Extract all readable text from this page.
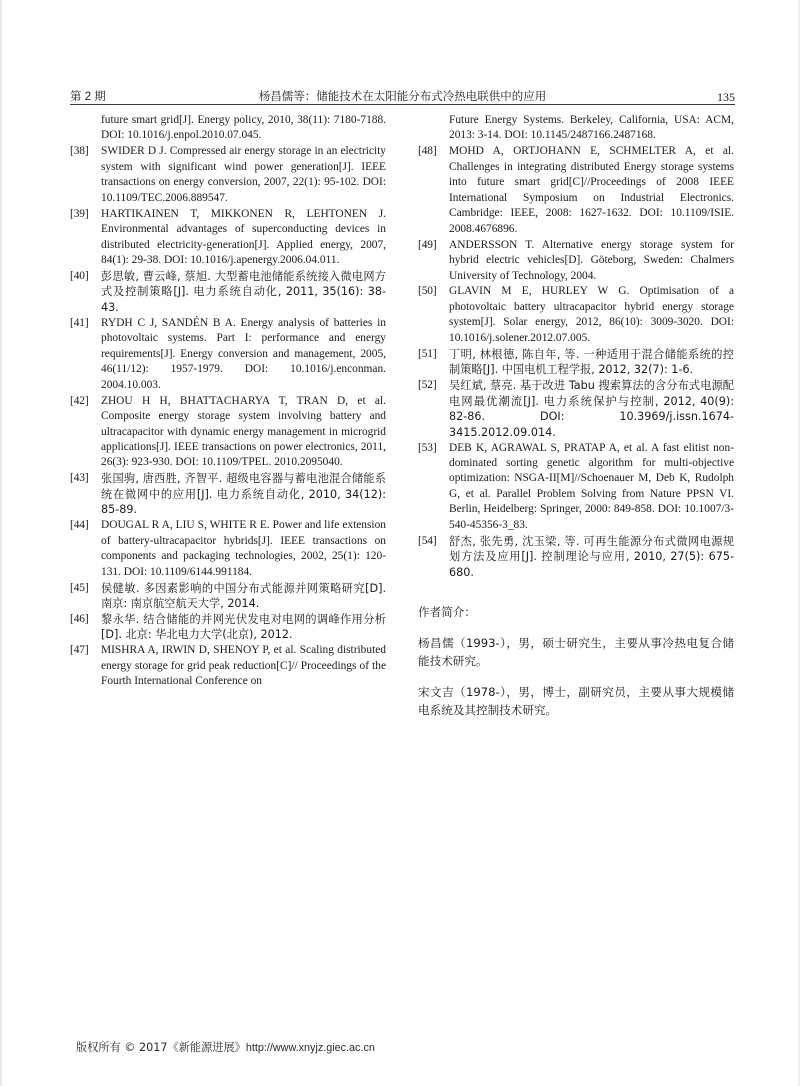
第 2 期	杨昌儒等：储能技术在太阳能分布式冷热电联供中的应用	135
future smart grid[J]. Energy policy, 2010, 38(11): 7180-7188. DOI: 10.1016/j.enpol.2010.07.045.
[38]	SWIDER D J. Compressed air energy storage in an electricity system with significant wind power generation[J]. IEEE transactions on energy conversion, 2007, 22(1): 95-102. DOI: 10.1109/TEC.2006.889547.
[39]	HARTIKAINEN T, MIKKONEN R, LEHTONEN J. Environmental advantages of superconducting devices in distributed electricity-generation[J]. Applied energy, 2007, 84(1): 29-38. DOI: 10.1016/j.apenergy.2006.04.011.
[40]	彭思敏, 曹云峰, 蔡旭. 大型蓄电池储能系统接入微电网方式及控制策略[J]. 电力系统自动化, 2011, 35(16): 38-43.
[41]	RYDH C J, SANDÉN B A. Energy analysis of batteries in photovoltaic systems. Part I: performance and energy requirements[J]. Energy conversion and management, 2005, 46(11/12): 1957-1979. DOI: 10.1016/j.enconman. 2004.10.003.
[42]	ZHOU H H, BHATTACHARYA T, TRAN D, et al. Composite energy storage system involving battery and ultracapacitor with dynamic energy management in microgrid applications[J]. IEEE transactions on power electronics, 2011, 26(3): 923-930. DOI: 10.1109/TPEL. 2010.2095040.
[43]	张国驹, 唐西胜, 齐智平. 超级电容器与蓄电池混合储能系统在微网中的应用[J]. 电力系统自动化, 2010, 34(12): 85-89.
[44]	DOUGAL R A, LIU S, WHITE R E. Power and life extension of battery-ultracapacitor hybrids[J]. IEEE transactions on components and packaging technologies, 2002, 25(1): 120-131. DOI: 10.1109/6144.991184.
[45]	侯健敏. 多因素影响的中国分布式能源并网策略研究[D]. 南京: 南京航空航天大学, 2014.
[46]	黎永华. 结合储能的并网光伏发电对电网的调峰作用分析[D]. 北京: 华北电力大学(北京), 2012.
[47]	MISHRA A, IRWIN D, SHENOY P, et al. Scaling distributed energy storage for grid peak reduction[C]// Proceedings of the Fourth International Conference on
Future Energy Systems. Berkeley, California, USA: ACM, 2013: 3-14. DOI: 10.1145/2487166.2487168.
[48]	MOHD A, ORTJOHANN E, SCHMELTER A, et al. Challenges in integrating distributed Energy storage systems into future smart grid[C]//Proceedings of 2008 IEEE International Symposium on Industrial Electronics. Cambridge: IEEE, 2008: 1627-1632. DOI: 10.1109/ISIE. 2008.4676896.
[49]	ANDERSSON T. Alternative energy storage system for hybrid electric vehicles[D]. Göteborg, Sweden: Chalmers University of Technology, 2004.
[50]	GLAVIN M E, HURLEY W G. Optimisation of a photovoltaic battery ultracapacitor hybrid energy storage system[J]. Solar energy, 2012, 86(10): 3009-3020. DOI: 10.1016/j.solener.2012.07.005.
[51]	丁明, 林根德, 陈自年, 等. 一种适用于混合储能系统的控制策略[J]. 中国电机工程学报, 2012, 32(7): 1-6.
[52]	吴红斌, 蔡亮. 基于改进 Tabu 搜索算法的含分布式电源配电网最优潮流[J]. 电力系统保护与控制, 2012, 40(9): 82-86. DOI: 10.3969/j.issn.1674-3415.2012.09.014.
[53]	DEB K, AGRAWAL S, PRATAP A, et al. A fast elitist non-dominated sorting genetic algorithm for multi-objective optimization: NSGA-II[M]//Schoenauer M, Deb K, Rudolph G, et al. Parallel Problem Solving from Nature PPSN VI. Berlin, Heidelberg: Springer, 2000: 849-858. DOI: 10.1007/3-540-45356-3_83.
[54]	舒杰, 张先勇, 沈玉梁, 等. 可再生能源分布式微网电源规划方法及应用[J]. 控制理论与应用, 2010, 27(5): 675-680.
作者简介：
杨昌儒（1993-），男，硕士研究生，主要从事冷热电复合储能技术研究。
宋文吉（1978-），男，博士，副研究员，主要从事大规模储电系统及其控制技术研究。
版权所有 © 2017《新能源进展》http://www.xnyjz.giec.ac.cn
